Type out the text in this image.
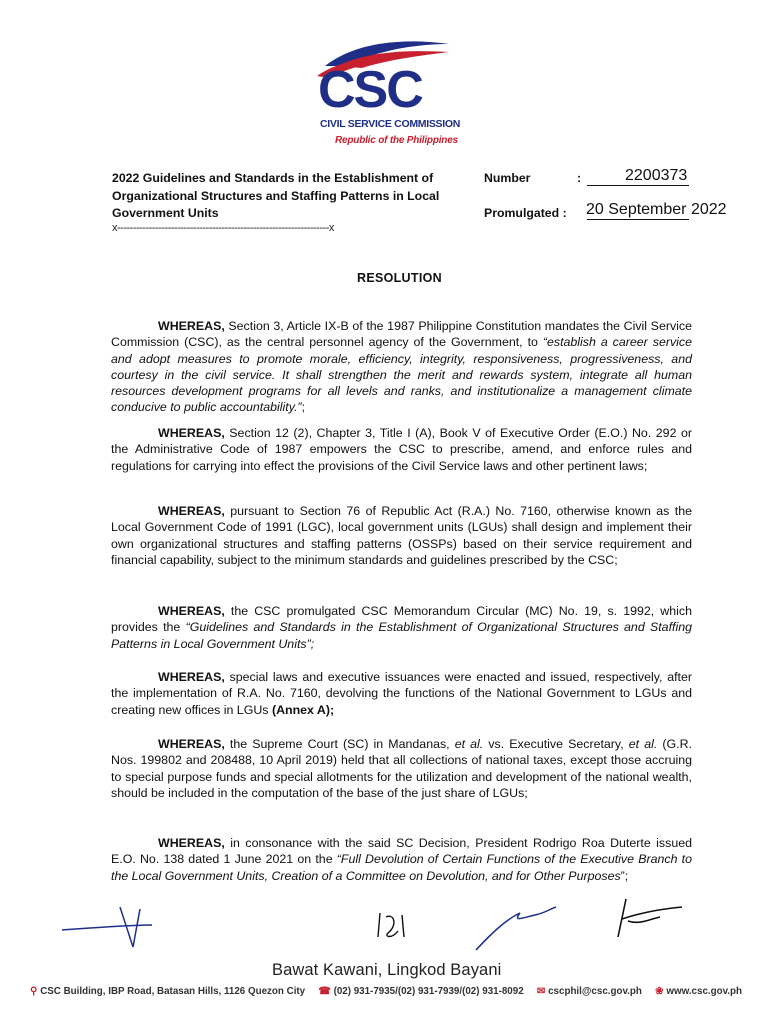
CSC
CIVIL SERVICE COMMISSION
Republic of the Philippines
2022 Guidelines and Standards in the Establishment of Organizational Structures and Staffing Patterns in Local Government Units
x-------------------------------------------------------------------x
Number	:	2200373
Promulgated : 20 September 2022
RESOLUTION
WHEREAS, Section 3, Article IX-B of the 1987 Philippine Constitution mandates the Civil Service Commission (CSC), as the central personnel agency of the Government, to “establish a career service and adopt measures to promote morale, efficiency, integrity, responsiveness, progressiveness, and courtesy in the civil service. It shall strengthen the merit and rewards system, integrate all human resources development programs for all levels and ranks, and institutionalize a management climate conducive to public accountability.”;
WHEREAS, Section 12 (2), Chapter 3, Title I (A), Book V of Executive Order (E.O.) No. 292 or the Administrative Code of 1987 empowers the CSC to prescribe, amend, and enforce rules and regulations for carrying into effect the provisions of the Civil Service laws and other pertinent laws;
WHEREAS, pursuant to Section 76 of Republic Act (R.A.) No. 7160, otherwise known as the Local Government Code of 1991 (LGC), local government units (LGUs) shall design and implement their own organizational structures and staffing patterns (OSSPs) based on their service requirement and financial capability, subject to the minimum standards and guidelines prescribed by the CSC;
WHEREAS, the CSC promulgated CSC Memorandum Circular (MC) No. 19, s. 1992, which provides the “Guidelines and Standards in the Establishment of Organizational Structures and Staffing Patterns in Local Government Units”;
WHEREAS, special laws and executive issuances were enacted and issued, respectively, after the implementation of R.A. No. 7160, devolving the functions of the National Government to LGUs and creating new offices in LGUs (Annex A);
WHEREAS, the Supreme Court (SC) in Mandanas, et al. vs. Executive Secretary, et al. (G.R. Nos. 199802 and 208488, 10 April 2019) held that all collections of national taxes, except those accruing to special purpose funds and special allotments for the utilization and development of the national wealth, should be included in the computation of the base of the just share of LGUs;
WHEREAS, in consonance with the said SC Decision, President Rodrigo Roa Duterte issued E.O. No. 138 dated 1 June 2021 on the “Full Devolution of Certain Functions of the Executive Branch to the Local Government Units, Creation of a Committee on Devolution, and for Other Purposes”;
Bawat Kawani, Lingkod Bayani
⚲ CSC Building, IBP Road, Batasan Hills, 1126 Quezon City ☎ (02) 931-7935/(02) 931-7939/(02) 931-8092 ✉ cscphil@csc.gov.ph ❀ www.csc.gov.ph
